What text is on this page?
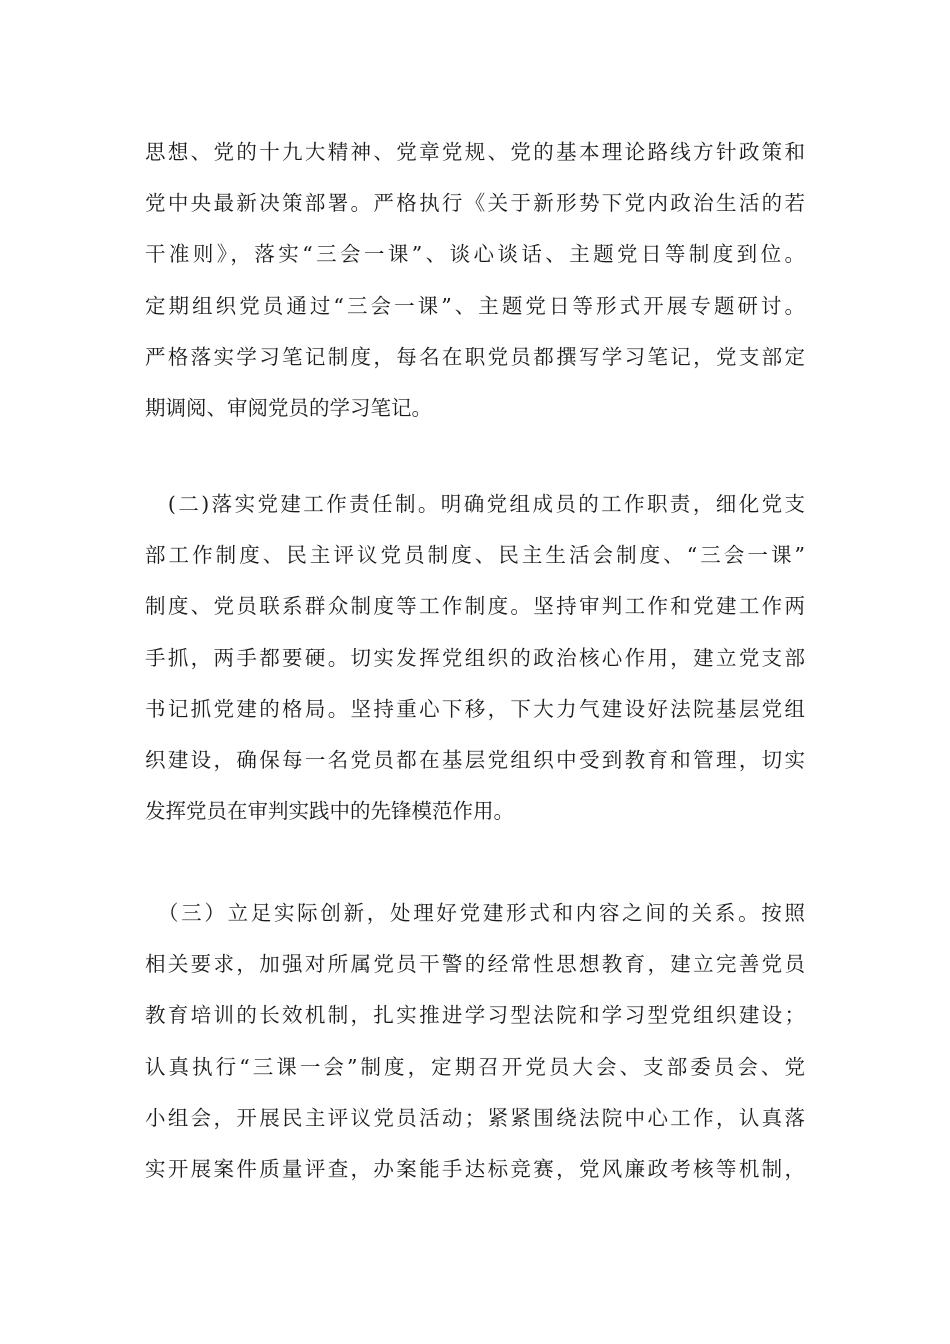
思想、党的十九大精神、党章党规、党的基本理论路线方针政策和
党中央最新决策部署。严格执行《关于新形势下党内政治生活的若
干准则》，落实“三会一课”、谈心谈话、主题党日等制度到位。
定期组织党员通过“三会一课”、主题党日等形式开展专题研讨。
严格落实学习笔记制度，每名在职党员都撰写学习笔记，党支部定
期调阅、审阅党员的学习笔记。
　(二)落实党建工作责任制。明确党组成员的工作职责，细化党支
部工作制度、民主评议党员制度、民主生活会制度、“三会一课”
制度、党员联系群众制度等工作制度。坚持审判工作和党建工作两
手抓，两手都要硬。切实发挥党组织的政治核心作用，建立党支部
书记抓党建的格局。坚持重心下移，下大力气建设好法院基层党组
织建设，确保每一名党员都在基层党组织中受到教育和管理，切实
发挥党员在审判实践中的先锋模范作用。
　（三）立足实际创新，处理好党建形式和内容之间的关系。按照
相关要求，加强对所属党员干警的经常性思想教育，建立完善党员
教育培训的长效机制，扎实推进学习型法院和学习型党组织建设；
认真执行“三课一会”制度，定期召开党员大会、支部委员会、党
小组会，开展民主评议党员活动；紧紧围绕法院中心工作，认真落
实开展案件质量评查，办案能手达标竞赛，党风廉政考核等机制，
